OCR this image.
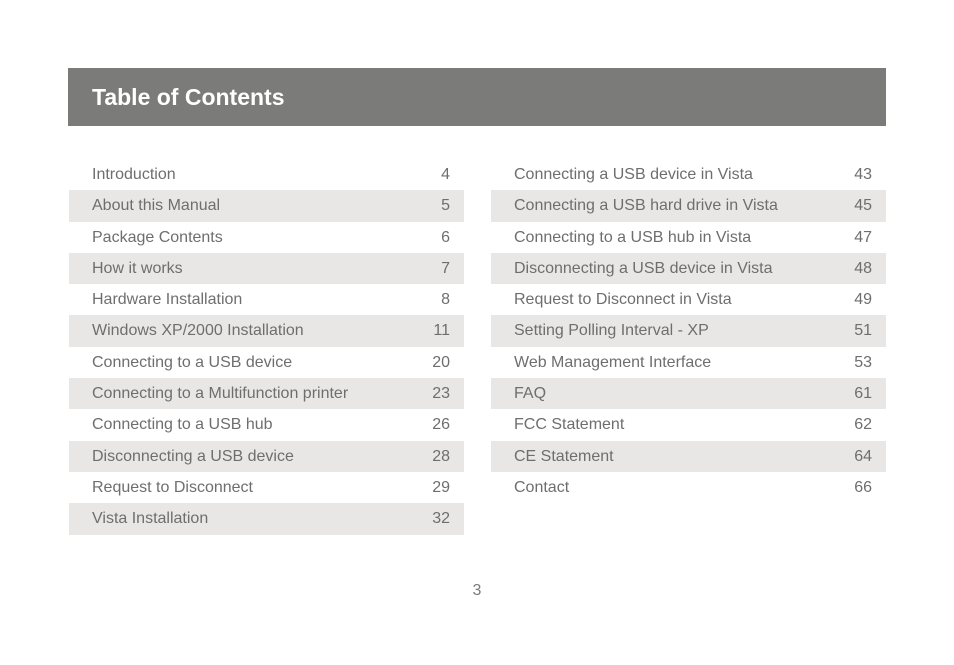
Table of Contents
Introduction	4
About this Manual	5
Package Contents	6
How it works	7
Hardware Installation	8
Windows XP/2000 Installation	11
Connecting to a USB device	20
Connecting to a Multifunction printer	23
Connecting to a USB hub	26
Disconnecting a USB device	28
Request to Disconnect	29
Vista Installation	32
Connecting a USB device in Vista	43
Connecting a USB hard drive in Vista	45
Connecting to a USB hub in Vista	47
Disconnecting a USB device in Vista	48
Request to Disconnect in Vista	49
Setting Polling Interval - XP	51
Web Management Interface	53
FAQ	61
FCC Statement	62
CE Statement	64
Contact	66
3
